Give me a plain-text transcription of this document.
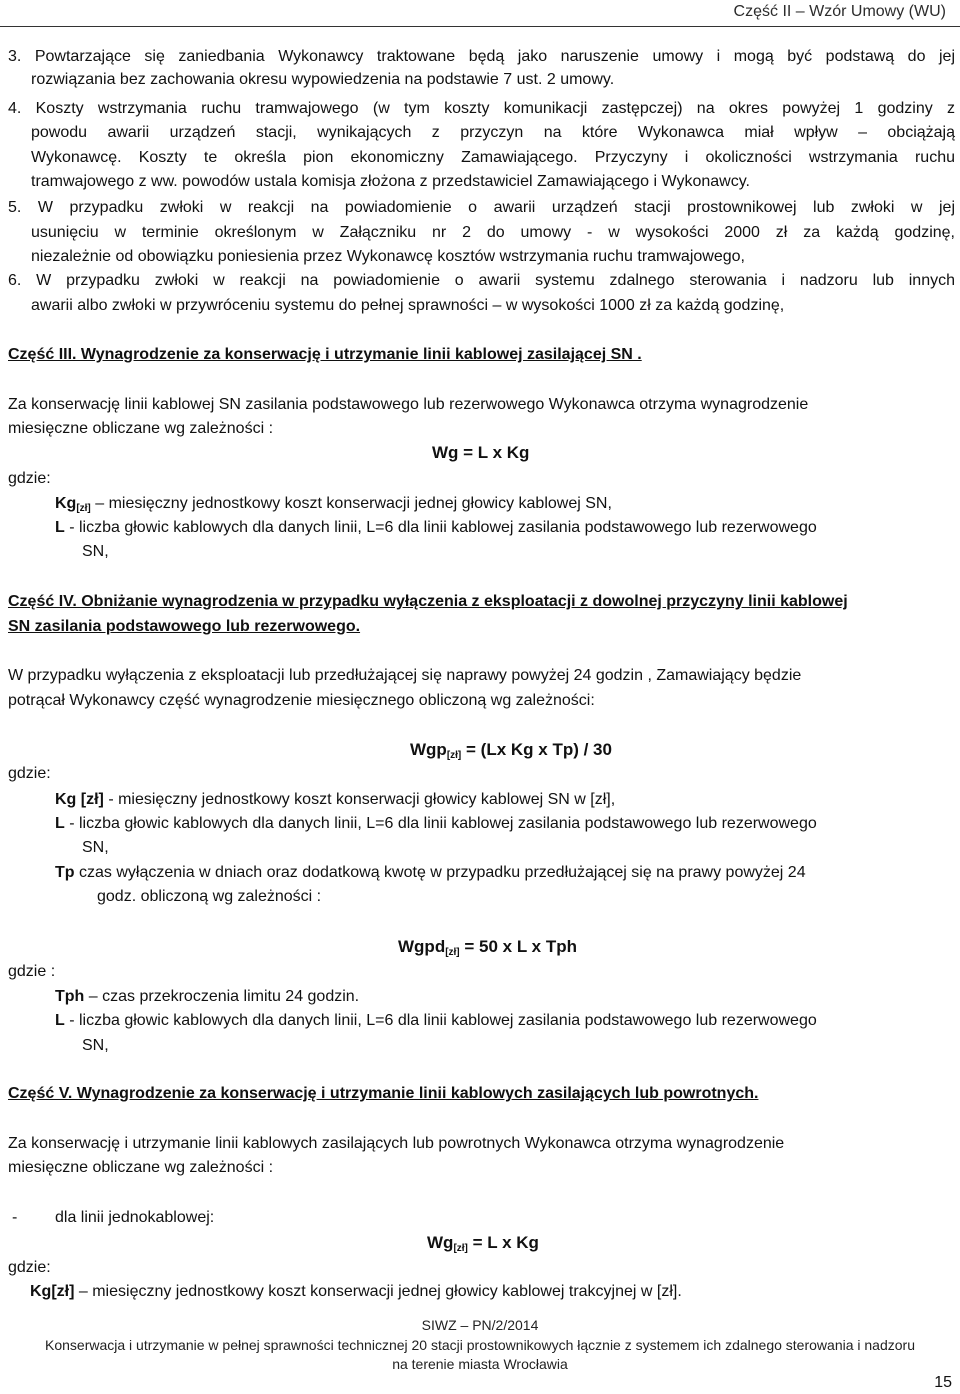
Część II – Wzór Umowy (WU)
3. Powtarzające się zaniedbania Wykonawcy traktowane będą jako naruszenie umowy i mogą być podstawą do jej
rozwiązania bez zachowania okresu wypowiedzenia na podstawie 7 ust. 2 umowy.
4. Koszty wstrzymania ruchu tramwajowego (w tym koszty komunikacji zastępczej) na okres powyżej 1 godziny z
powodu awarii urządzeń stacji, wynikających z przyczyn na które Wykonawca miał wpływ – obciążają
Wykonawcę. Koszty te określa pion ekonomiczny Zamawiającego. Przyczyny i okoliczności wstrzymania ruchu
tramwajowego z ww. powodów ustala komisja złożona z przedstawiciel Zamawiającego i Wykonawcy.
5. W przypadku zwłoki w reakcji na powiadomienie o awarii urządzeń stacji prostownikowej lub zwłoki w jej
usunięciu w terminie określonym w Załączniku nr 2 do umowy - w wysokości 2000 zł za każdą godzinę,
niezależnie od obowiązku poniesienia przez Wykonawcę kosztów wstrzymania ruchu tramwajowego,
6. W przypadku zwłoki w reakcji na powiadomienie o awarii systemu zdalnego sterowania i nadzoru lub innych
awarii albo zwłoki w przywróceniu systemu do pełnej sprawności – w wysokości 1000 zł za każdą godzinę,
Część III. Wynagrodzenie za konserwację i utrzymanie linii kablowej zasilającej SN .
Za konserwację linii kablowej SN zasilania podstawowego lub rezerwowego Wykonawca otrzyma wynagrodzenie
miesięczne obliczane wg zależności :
Wg = L x Kg
gdzie:
$Kg_{[zł]}$ – miesięczny jednostkowy koszt konserwacji jednej głowicy kablowej SN,
L - liczba głowic kablowych dla danych linii, L=6 dla linii kablowej zasilania podstawowego lub rezerwowego
SN,
Część IV. Obniżanie wynagrodzenia w przypadku wyłączenia z eksploatacji z dowolnej przyczyny linii kablowej
SN zasilania podstawowego lub rezerwowego.
W przypadku wyłączenia z eksploatacji lub przedłużającej się naprawy powyżej 24 godzin , Zamawiający będzie
potrącał Wykonawcy część wynagrodzenie miesięcznego obliczoną wg zależności:
Wgp$_{[zł]}$ = (Lx Kg x Tp) / 30
gdzie:
Kg [zł] - miesięczny jednostkowy koszt konserwacji głowicy kablowej SN w [zł],
L - liczba głowic kablowych dla danych linii, L=6 dla linii kablowej zasilania podstawowego lub rezerwowego
SN,
Tp czas wyłączenia w dniach oraz dodatkową kwotę w przypadku przedłużającej się na prawy powyżej 24
godz. obliczoną wg zależności :
Wgpd$_{[zł]}$ = 50 x L x Tph
gdzie :
Tph – czas przekroczenia limitu 24 godzin.
L - liczba głowic kablowych dla danych linii, L=6 dla linii kablowej zasilania podstawowego lub rezerwowego
SN,
Część V. Wynagrodzenie za konserwację i utrzymanie linii kablowych zasilających lub powrotnych.
Za konserwację i utrzymanie linii kablowych zasilających lub powrotnych Wykonawca otrzyma wynagrodzenie
miesięczne obliczane wg zależności :
- dla linii jednokablowej:
$Wg_{[zł]} = L$ x Kg
gdzie:
Kg[zł] – miesięczny jednostkowy koszt konserwacji jednej głowicy kablowej trakcyjnej w [zł].
SIWZ – PN/2/2014
Konserwacja i utrzymanie w pełnej sprawności technicznej 20 stacji prostownikowych łącznie z systemem ich zdalnego sterowania i nadzoru
na terenie miasta Wrocławia
15
